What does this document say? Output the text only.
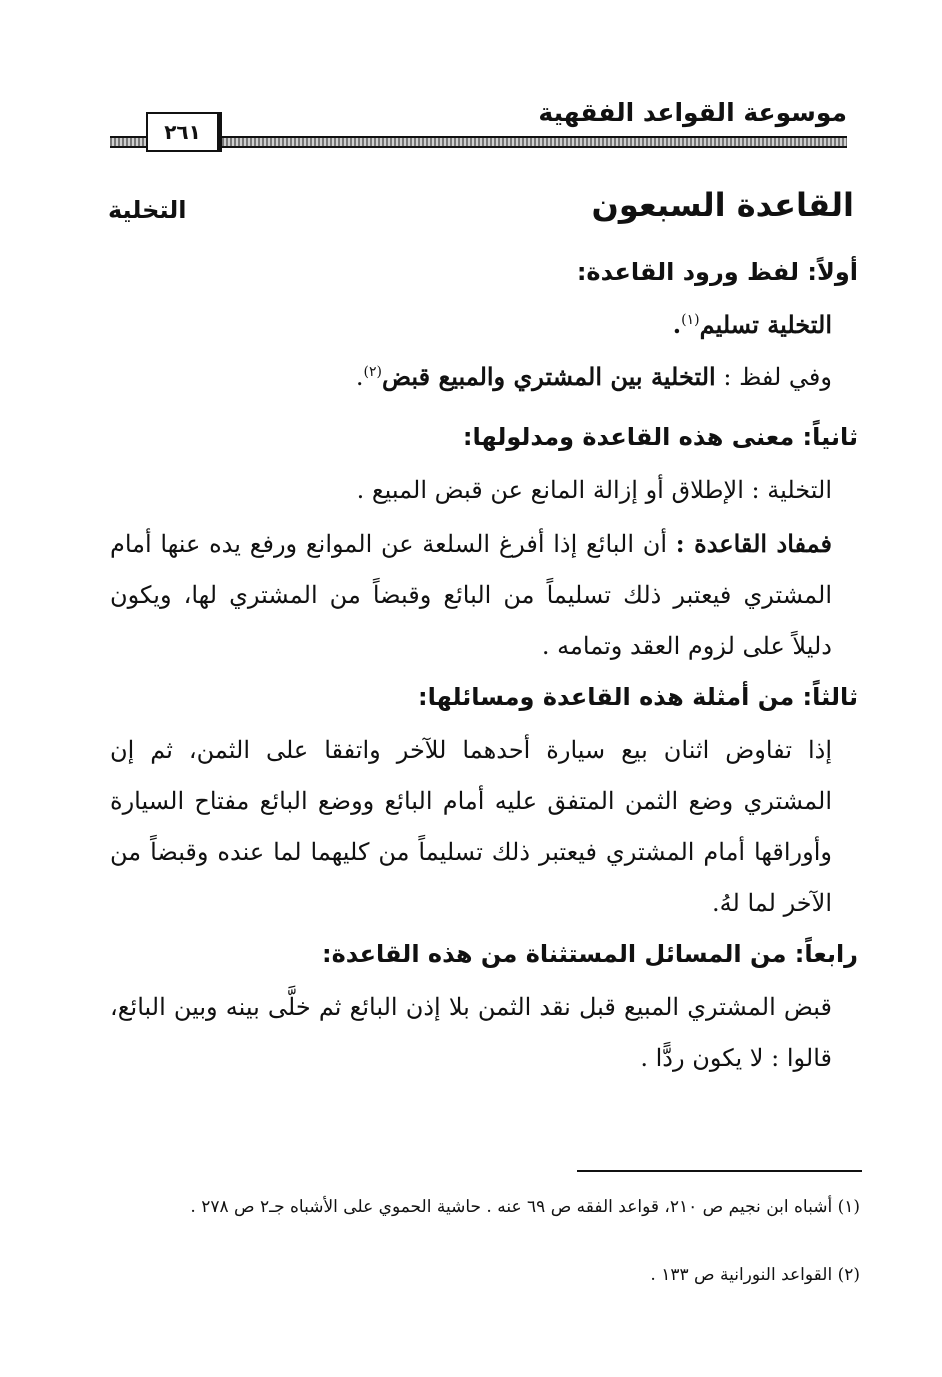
موسوعة القواعد الفقهية
٢٦١
القاعدة السبعون
التخلية
أولاً: لفظ ورود القاعدة:
التخلية تسليم$^{(١)}$.
وفي لفظ : التخلية بين المشتري والمبيع قبض$^{(٢)}$.
ثانياً: معنى هذه القاعدة ومدلولها:
التخلية : الإطلاق أو إزالة المانع عن قبض المبيع .
فمفاد القاعدة : أن البائع إذا أفرغ السلعة عن الموانع ورفع يده عنها أمام المشتري فيعتبر ذلك تسليماً من البائع وقبضاً من المشتري لها، ويكون دليلاً على لزوم العقد وتمامه .
ثالثاً: من أمثلة هذه القاعدة ومسائلها:
إذا تفاوض اثنان بيع سيارة أحدهما للآخر واتفقا على الثمن، ثم إن المشتري وضع الثمن المتفق عليه أمام البائع ووضع البائع مفتاح السيارة وأوراقها أمام المشتري فيعتبر ذلك تسليماً من كليهما لما عنده وقبضاً من الآخر لما لهُ.
رابعاً: من المسائل المستثناة من هذه القاعدة:
قبض المشتري المبيع قبل نقد الثمن بلا إذن البائع ثم خلَّى بينه وبين البائع، قالوا : لا يكون ردًّا .
(١) أشباه ابن نجيم ص ٢١٠، قواعد الفقه ص ٦٩ عنه . حاشية الحموي على الأشباه جـ٢ ص ٢٧٨ .
(٢) القواعد النورانية ص ١٣٣ .
